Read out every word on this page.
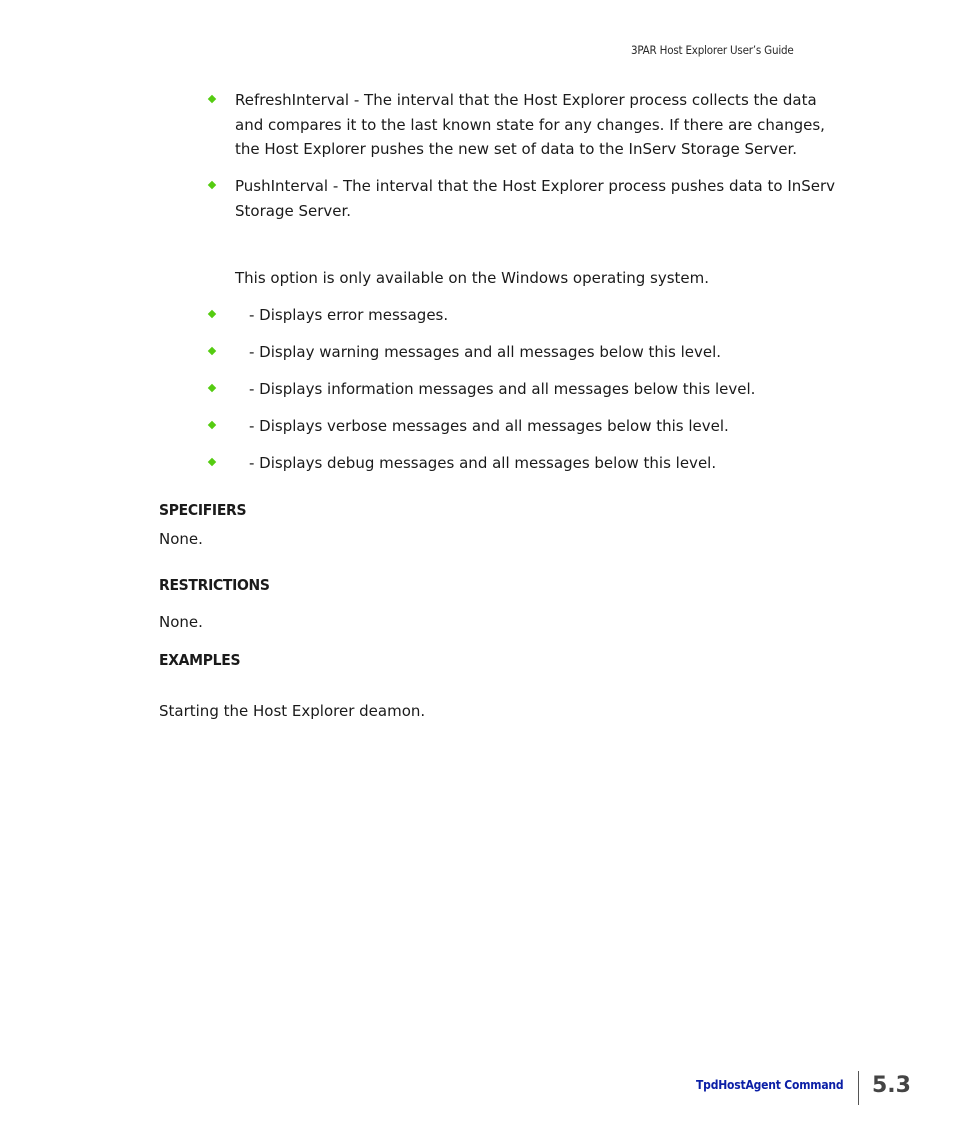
3PAR Host Explorer User’s Guide
RefreshInterval - The interval that the Host Explorer process collects the data and compares it to the last known state for any changes. If there are changes, the Host Explorer pushes the new set of data to the InServ Storage Server.
PushInterval - The interval that the Host Explorer process pushes data to InServ Storage Server.
This option is only available on the Windows operating system.
- Displays error messages.
- Display warning messages and all messages below this level.
- Displays information messages and all messages below this level.
- Displays verbose messages and all messages below this level.
- Displays debug messages and all messages below this level.
SPECIFIERS
None.
RESTRICTIONS
None.
EXAMPLES
Starting the Host Explorer deamon.
TpdHostAgent Command 5.3
